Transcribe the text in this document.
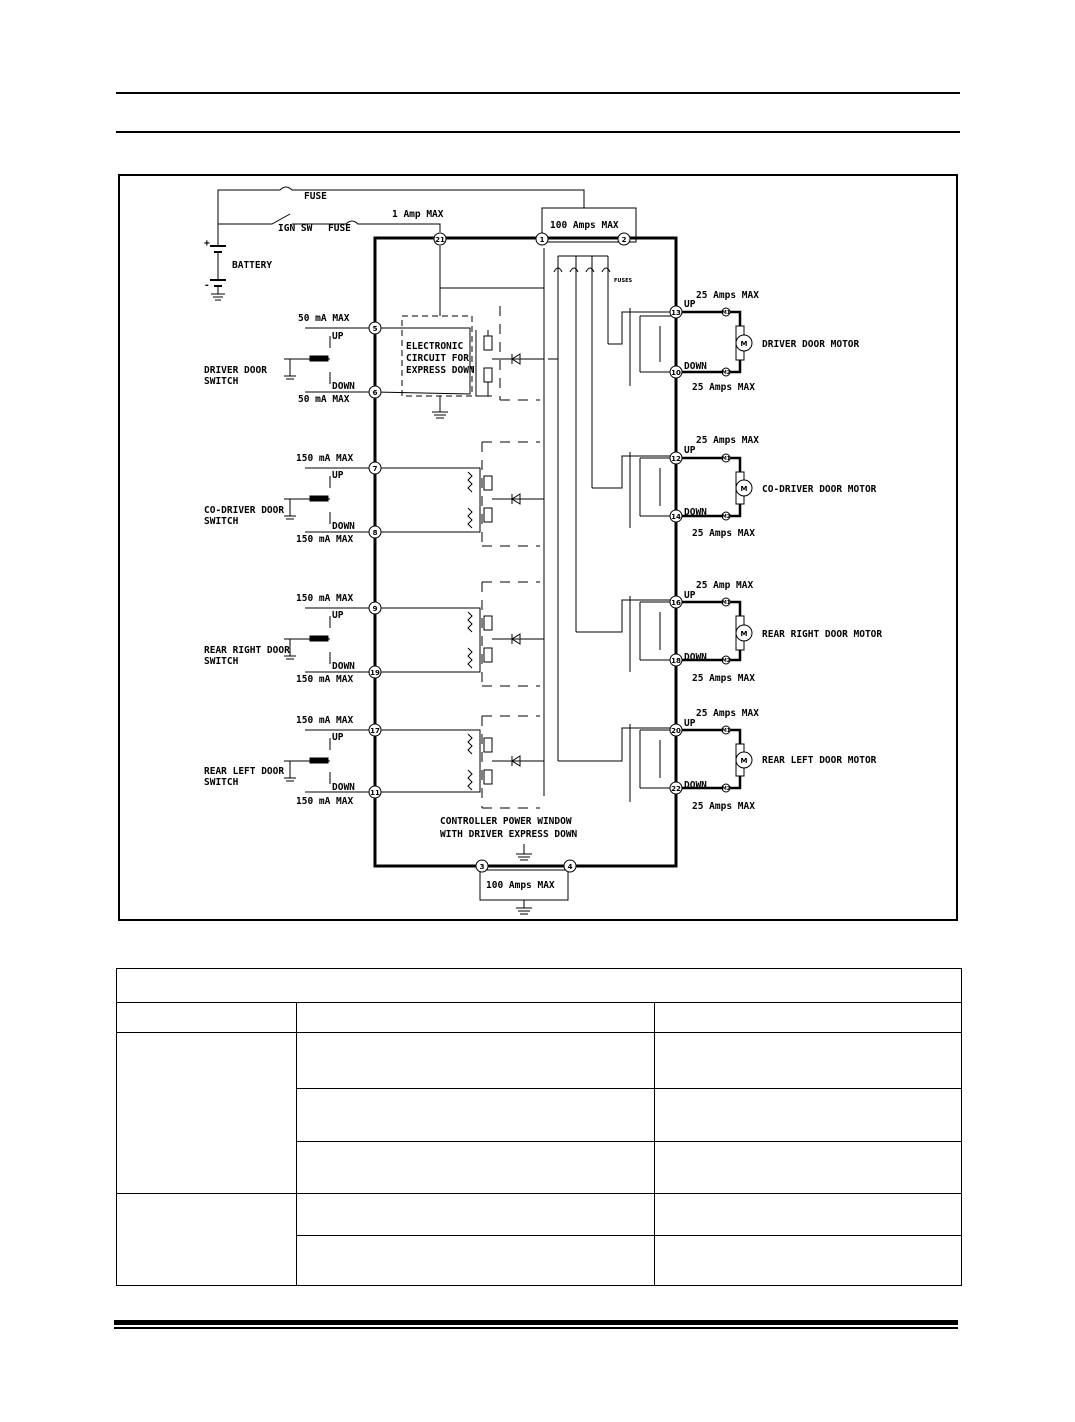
21	1	2
5
6
7
8
9
19
17
11
13
10
12
14
16
18
20
22
3	4
FUSE
IGN SW FUSE
1 Amp MAX
100 Amps MAX
100 Amps MAX
BATTERY
+
-	FUSES
ELECTRONIC
CIRCUIT FOR
EXPRESS DOWN
CONTROLLER POWER WINDOW
WITH DRIVER EXPRESS DOWN
50 mA MAX
UP
DOWN
50 mA MAX
DRIVER DOOR
SWITCH
150 mA MAX
UP
DOWN
150 mA MAX
CO-DRIVER DOOR
SWITCH
150 mA MAX
UP
DOWN
150 mA MAX
REAR RIGHT DOOR
SWITCH
150 mA MAX
UP
DOWN
150 mA MAX
REAR LEFT DOOR
SWITCH
25 Amps MAX
UP
DOWN
25 Amps MAX
DRIVER DOOR MOTOR
M
M1
M2
25 Amps MAX
UP
DOWN
25 Amps MAX
CO-DRIVER DOOR MOTOR
M
M1
M2
25 Amp MAX
UP
DOWN
25 Amps MAX
REAR RIGHT DOOR MOTOR
M
M1
M2
25 Amps MAX
UP
DOWN
25 Amps MAX
REAR LEFT DOOR MOTOR
M
M1
M2
